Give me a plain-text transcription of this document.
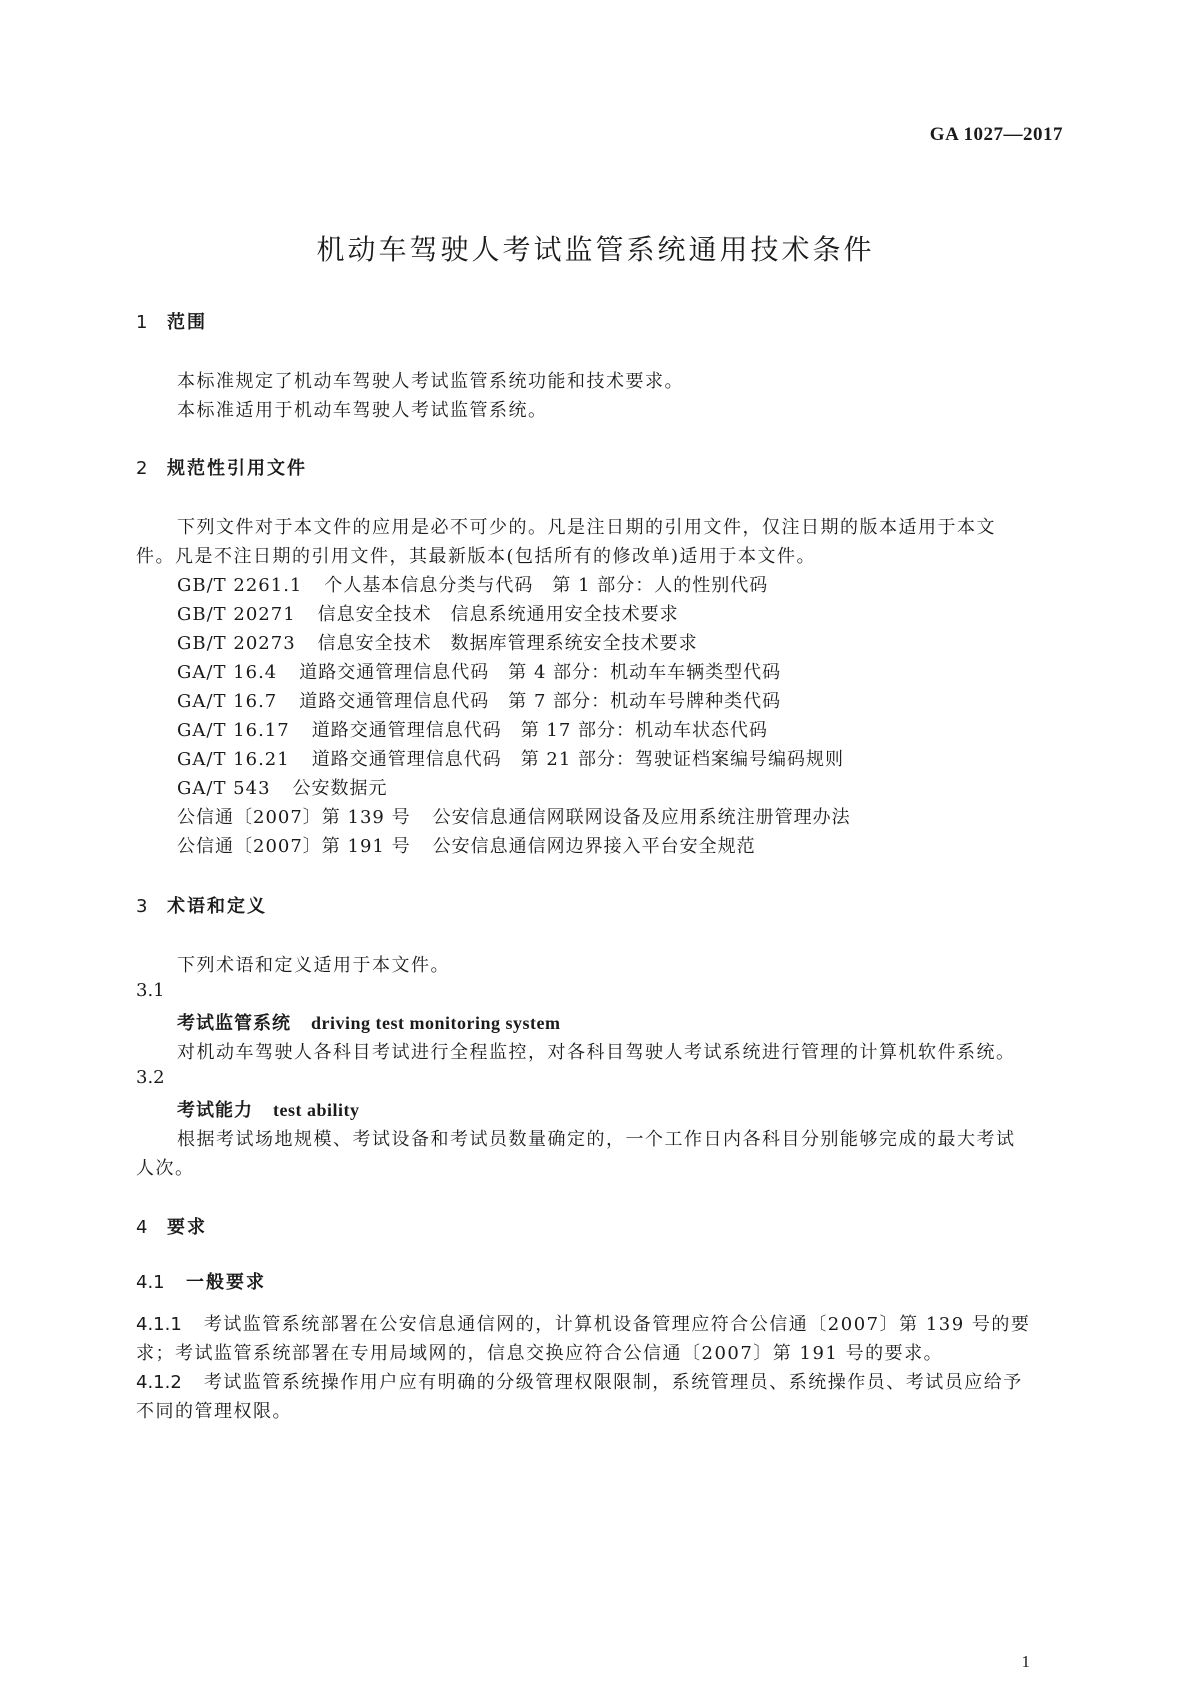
GA 1027—2017
机动车驾驶人考试监管系统通用技术条件
1 范围
本标准规定了机动车驾驶人考试监管系统功能和技术要求。
本标准适用于机动车驾驶人考试监管系统。
2 规范性引用文件
下列文件对于本文件的应用是必不可少的。凡是注日期的引用文件，仅注日期的版本适用于本文
件。凡是不注日期的引用文件，其最新版本(包括所有的修改单)适用于本文件。
GB/T 2261.1 个人基本信息分类与代码　第 1 部分：人的性别代码
GB/T 20271 信息安全技术　信息系统通用安全技术要求
GB/T 20273 信息安全技术　数据库管理系统安全技术要求
GA/T 16.4 道路交通管理信息代码　第 4 部分：机动车车辆类型代码
GA/T 16.7 道路交通管理信息代码　第 7 部分：机动车号牌种类代码
GA/T 16.17 道路交通管理信息代码　第 17 部分：机动车状态代码
GA/T 16.21 道路交通管理信息代码　第 21 部分：驾驶证档案编号编码规则
GA/T 543 公安数据元
公信通〔2007〕第 139 号 公安信息通信网联网设备及应用系统注册管理办法
公信通〔2007〕第 191 号 公安信息通信网边界接入平台安全规范
3 术语和定义
下列术语和定义适用于本文件。
3.1
考试监管系统 driving test monitoring system
对机动车驾驶人各科目考试进行全程监控，对各科目驾驶人考试系统进行管理的计算机软件系统。
3.2
考试能力 test ability
根据考试场地规模、考试设备和考试员数量确定的，一个工作日内各科目分别能够完成的最大考试
人次。
4 要求
4.1 一般要求
4.1.1 考试监管系统部署在公安信息通信网的，计算机设备管理应符合公信通〔2007〕第 139 号的要
求；考试监管系统部署在专用局域网的，信息交换应符合公信通〔2007〕第 191 号的要求。
4.1.2 考试监管系统操作用户应有明确的分级管理权限限制，系统管理员、系统操作员、考试员应给予
不同的管理权限。
1
